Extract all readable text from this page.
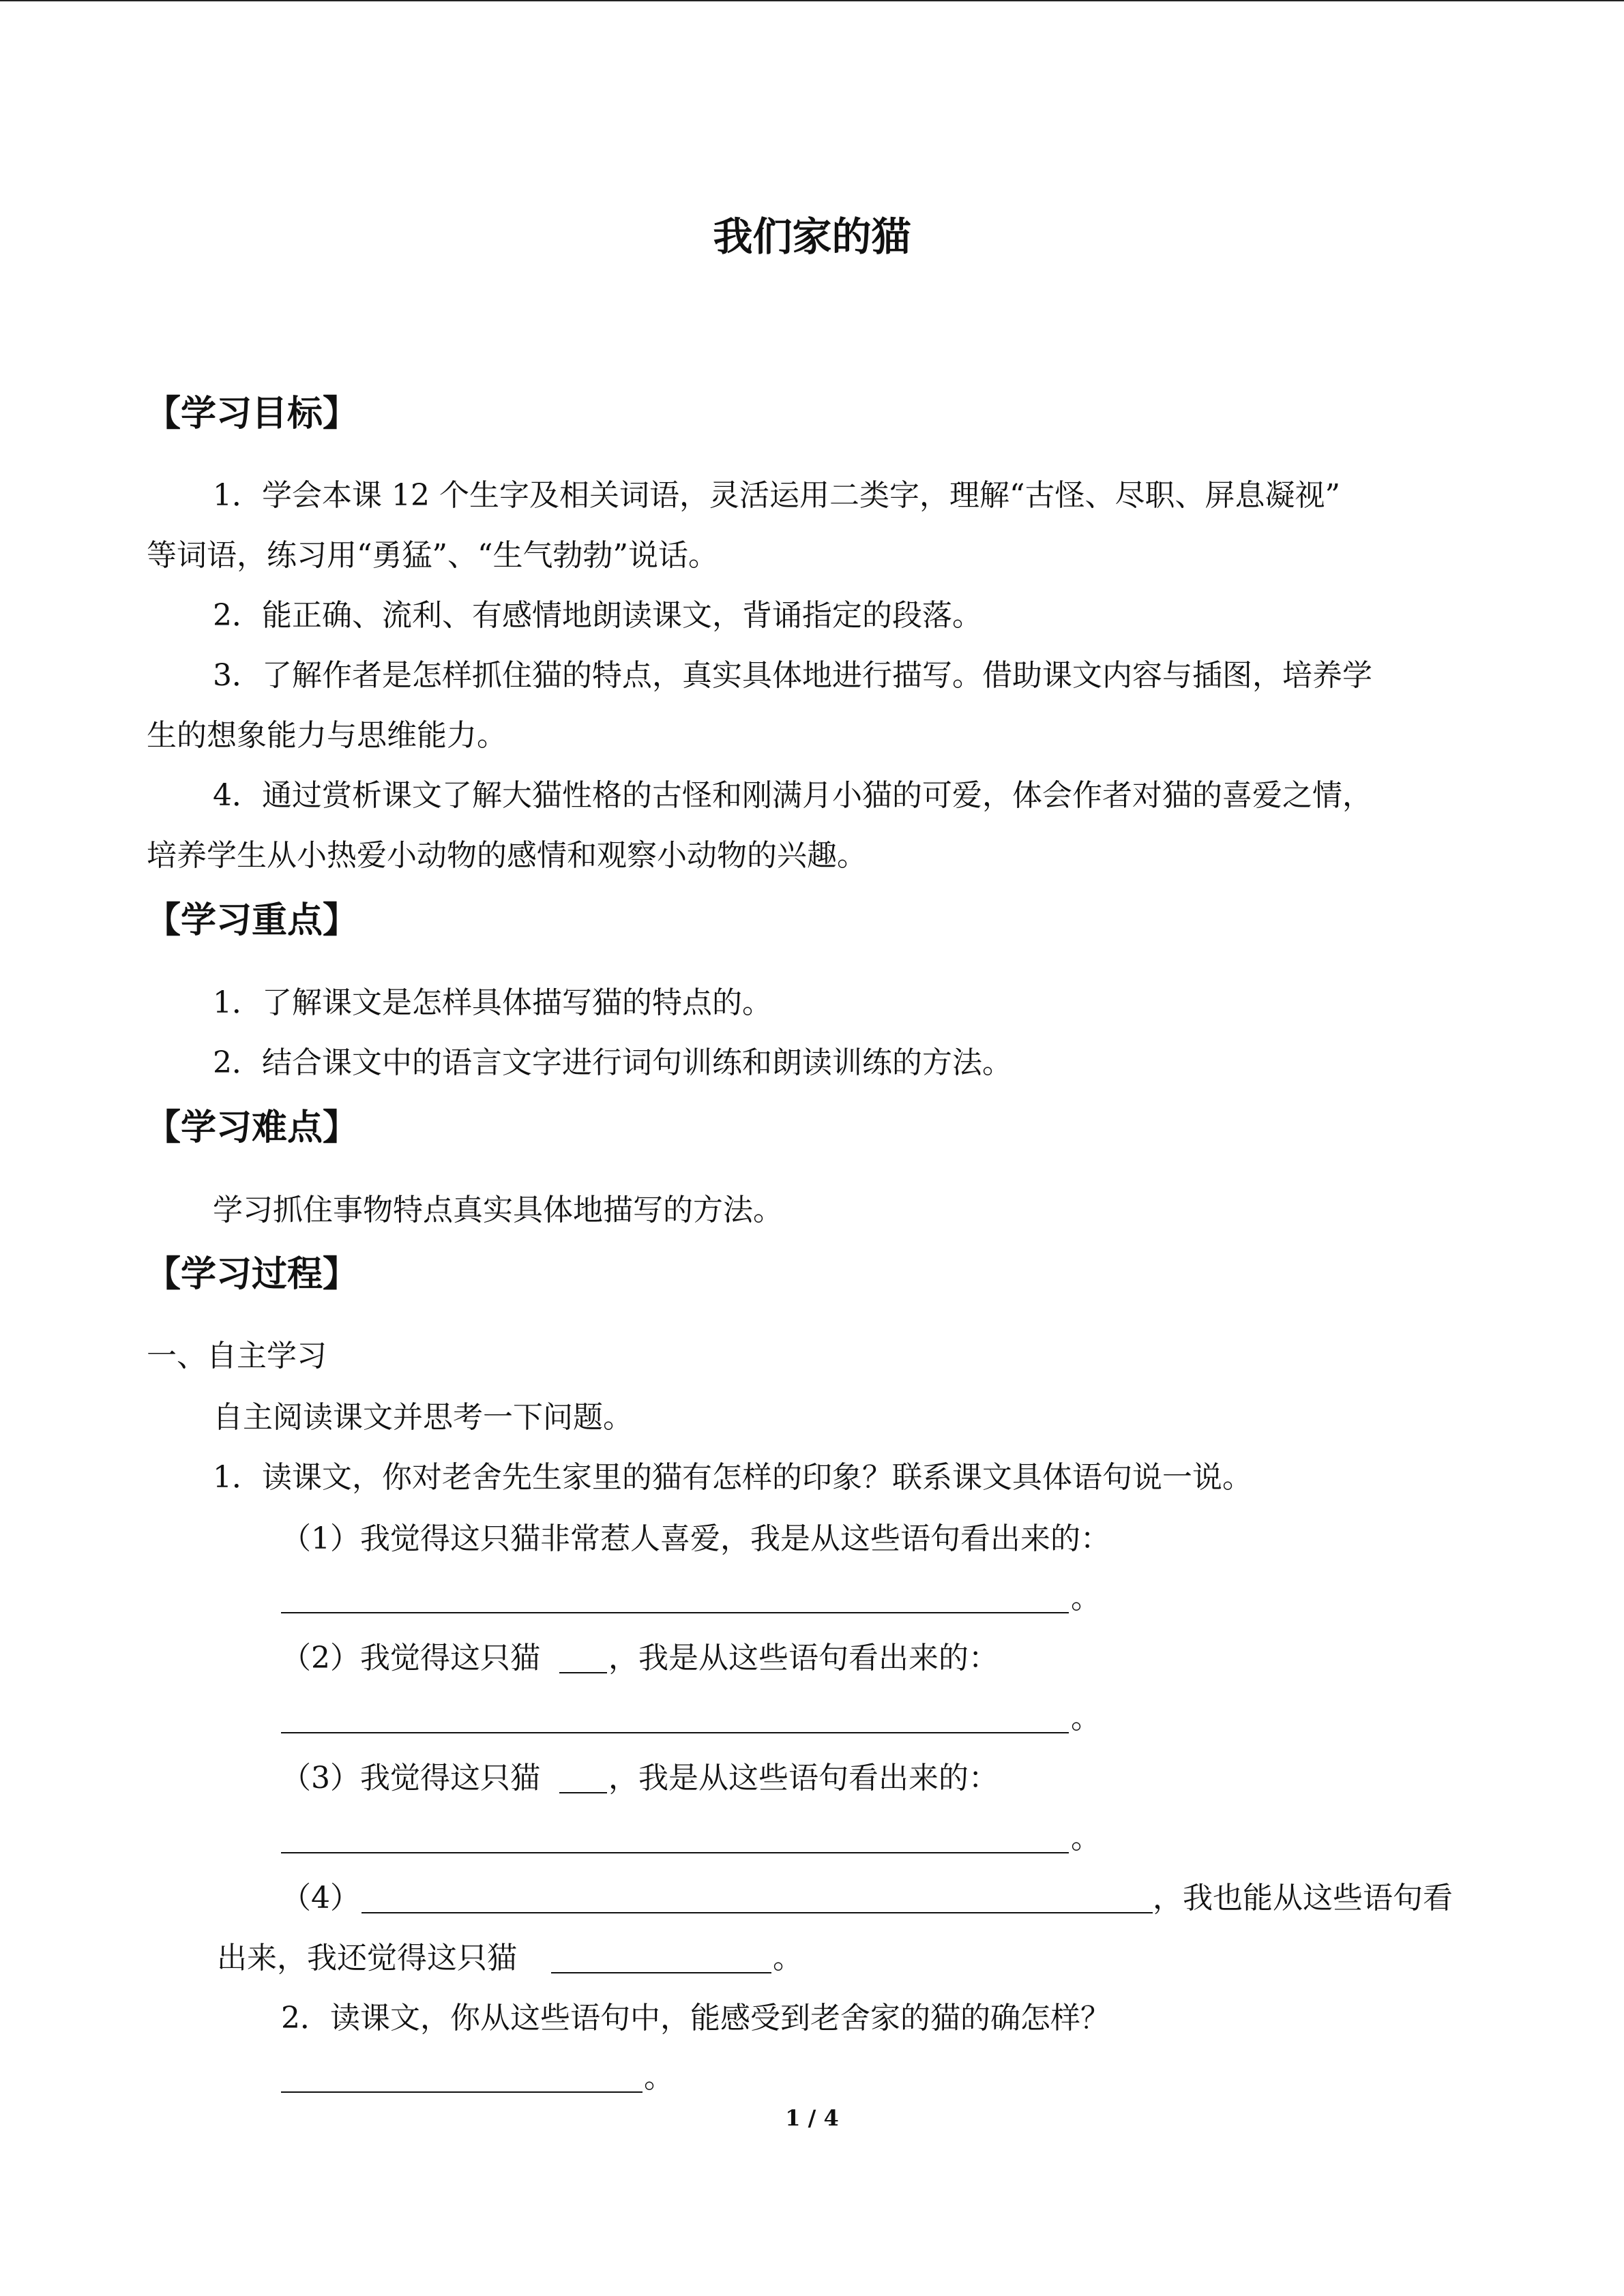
我们家的猫
【学习目标】
1．学会本课 12 个生字及相关词语，灵活运用二类字，理解“古怪、尽职、屏息凝视”
等词语，练习用“勇猛”、“生气勃勃”说话。
2．能正确、流利、有感情地朗读课文，背诵指定的段落。
3．了解作者是怎样抓住猫的特点，真实具体地进行描写。借助课文内容与插图，培养学
生的想象能力与思维能力。
4．通过赏析课文了解大猫性格的古怪和刚满月小猫的可爱，体会作者对猫的喜爱之情，
培养学生从小热爱小动物的感情和观察小动物的兴趣。
【学习重点】
1．了解课文是怎样具体描写猫的特点的。
2．结合课文中的语言文字进行词句训练和朗读训练的方法。
【学习难点】
学习抓住事物特点真实具体地描写的方法。
【学习过程】
一、自主学习
自主阅读课文并思考一下问题。
1．读课文，你对老舍先生家里的猫有怎样的印象？联系课文具体语句说一说。
（1）我觉得这只猫非常惹人喜爱，我是从这些语句看出来的：
。
（2）我觉得这只猫 ，我是从这些语句看出来的：
。
（3）我觉得这只猫 ，我是从这些语句看出来的：
。
（4）	，我也能从这些语句看
出来，我还觉得这只猫	。
2．读课文，你从这些语句中，能感受到老舍家的猫的确怎样？
。
1 / 4
